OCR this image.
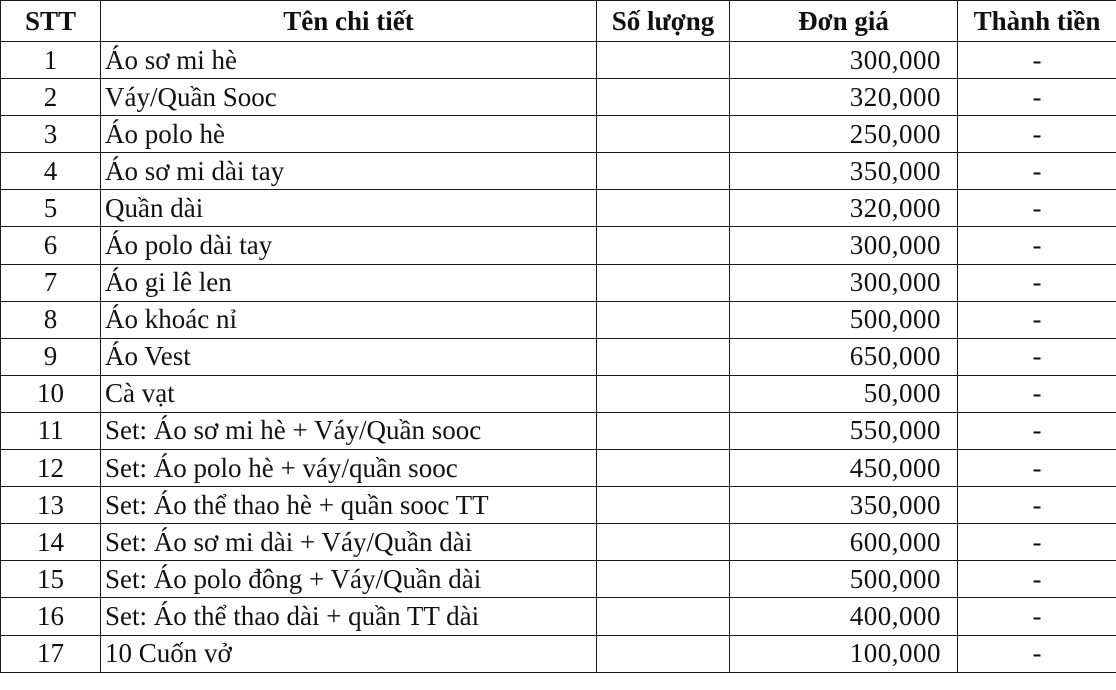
STT	Tên chi tiết	Số lượng	Đơn giá	Thành tiền
1	Áo sơ mi hè		300,000	-
2	Váy/Quần Sooc		320,000	-
3	Áo polo hè		250,000	-
4	Áo sơ mi dài tay		350,000	-
5	Quần dài		320,000	-
6	Áo polo dài tay		300,000	-
7	Áo gi lê len		300,000	-
8	Áo khoác nỉ		500,000	-
9	Áo Vest		650,000	-
10	Cà vạt		50,000	-
11	Set: Áo sơ mi hè + Váy/Quần sooc		550,000	-
12	Set: Áo polo hè + váy/quần sooc		450,000	-
13	Set: Áo thể thao hè + quần sooc TT		350,000	-
14	Set: Áo sơ mi dài + Váy/Quần dài		600,000	-
15	Set: Áo polo đông + Váy/Quần dài		500,000	-
16	Set: Áo thể thao dài + quần TT dài		400,000	-
17	10 Cuốn vở		100,000	-
